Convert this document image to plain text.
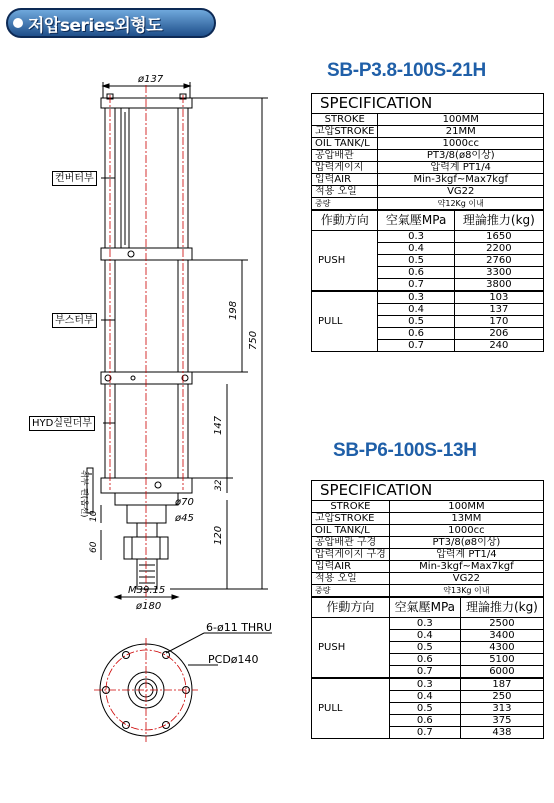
저압series외형도
ø137
198
750
147
32
ø70
ø45
10
60
120
M39.15
ø180
6-ø11 THRU
PCDø140
취부 핀(옵션)
컨버터부
부스터부
HYD실린더부
SB-P3.8-100S-21H
SPECIFICATION		
STROKE	100MM	
고압STROKE	21MM	
OIL TANK/L	1000cc	
공압배관	PT3/8(ø8이상)	
압력게이지	압력계 PT1/4	
입력AIR	Min-3kgf~Max7kgf	
적용 오일	VG22	
중량	약12Kg 이내	
作動方向	空氣壓MPa	理論推力(kg)
PUSH	0.3	1650
	0.4	2200
	0.5	2760
	0.6	3300
	0.7	3800
PULL	0.3	103
	0.4	137
	0.5	170
	0.6	206
	0.7	240
SB-P6-100S-13H
SPECIFICATION		
STROKE	100MM	
고압STROKE	13MM	
OIL TANK/L	1000cc	
공압배관 구경	PT3/8(ø8이상)	
압력게이지 구경	압력계 PT1/4	
입력AIR	Min-3kgf~Max7kgf	
적용 오일	VG22	
중량	약13Kg 이내	
作動方向	空氣壓MPa	理論推力(kg)
PUSH	0.3	2500
	0.4	3400
	0.5	4300
	0.6	5100
	0.7	6000
PULL	0.3	187
	0.4	250
	0.5	313
	0.6	375
	0.7	438
